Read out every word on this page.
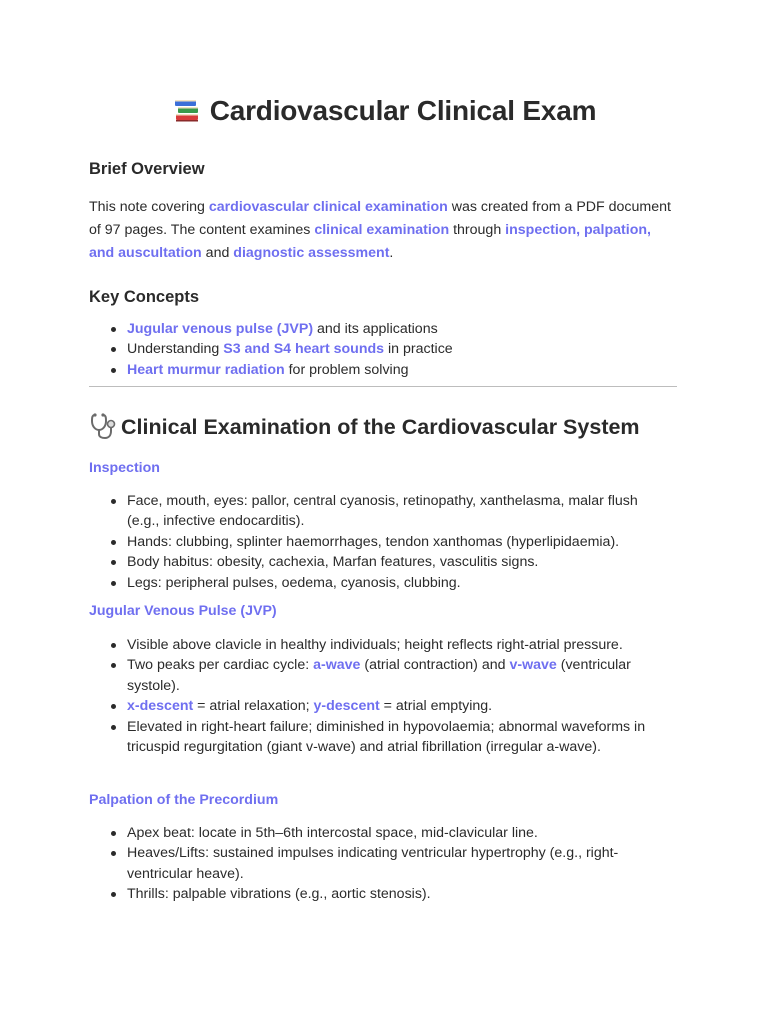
Cardiovascular Clinical Exam
Brief Overview
This note covering cardiovascular clinical examination was created from a PDF document of 97 pages. The content examines clinical examination through inspection, palpation, and auscultation and diagnostic assessment.
Key Concepts
Jugular venous pulse (JVP) and its applications
Understanding S3 and S4 heart sounds in practice
Heart murmur radiation for problem solving
Clinical Examination of the Cardiovascular System
Inspection
Face, mouth, eyes: pallor, central cyanosis, retinopathy, xanthelasma, malar flush (e.g., infective endocarditis).
Hands: clubbing, splinter haemorrhages, tendon xanthomas (hyperlipidaemia).
Body habitus: obesity, cachexia, Marfan features, vasculitis signs.
Legs: peripheral pulses, oedema, cyanosis, clubbing.
Jugular Venous Pulse (JVP)
Visible above clavicle in healthy individuals; height reflects right-atrial pressure.
Two peaks per cardiac cycle: a-wave (atrial contraction) and v-wave (ventricular systole).
x-descent = atrial relaxation; y-descent = atrial emptying.
Elevated in right-heart failure; diminished in hypovolaemia; abnormal waveforms in tricuspid regurgitation (giant v-wave) and atrial fibrillation (irregular a-wave).
Palpation of the Precordium
Apex beat: locate in 5th–6th intercostal space, mid-clavicular line.
Heaves/Lifts: sustained impulses indicating ventricular hypertrophy (e.g., right-ventricular heave).
Thrills: palpable vibrations (e.g., aortic stenosis).
